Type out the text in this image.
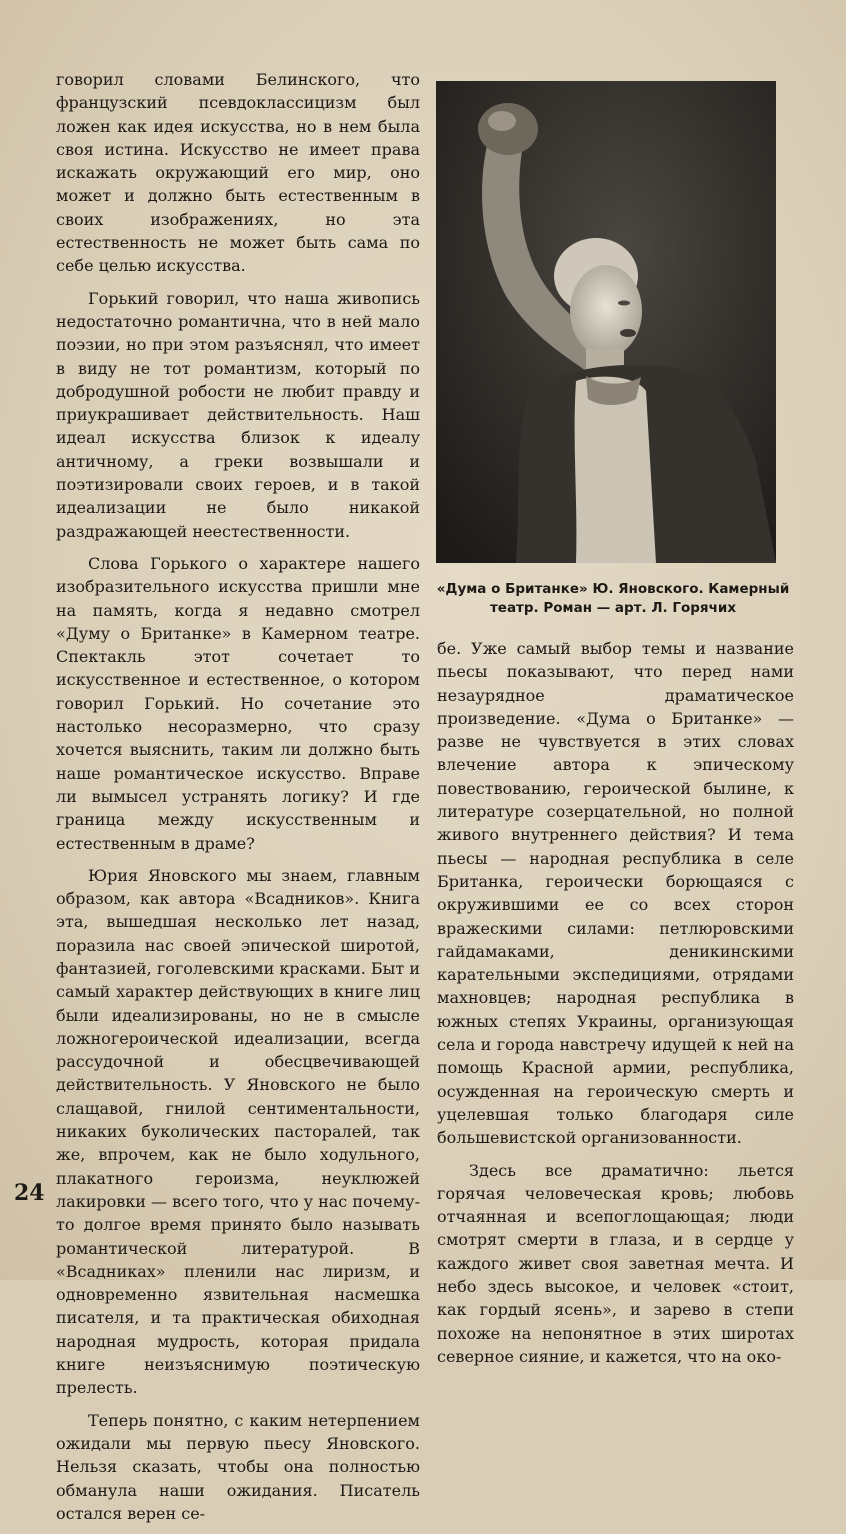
говорил словами Белинского, что французский псевдоклассицизм был ложен как идея искусства, но в нем была своя истина. Искусство не имеет права искажать окружающий его мир, оно может и должно быть естественным в своих изображениях, но эта естественность не может быть сама по себе целью искусства.

Горький говорил, что наша живопись недостаточно романтична, что в ней мало поэзии, но при этом разъяснял, что имеет в виду не тот романтизм, который по добродушной робости не любит правду и приукрашивает действительность. Наш идеал искусства близок к идеалу античному, а греки возвышали и поэтизировали своих героев, и в такой идеализации не было никакой раздражающей неестественности.

Слова Горького о характере нашего изобразительного искусства пришли мне на память, когда я недавно смотрел «Думу о Британке» в Камерном театре. Спектакль этот сочетает то искусственное и естественное, о котором говорил Горький. Но сочетание это настолько несоразмерно, что сразу хочется выяснить, таким ли должно быть наше романтическое искусство. Вправе ли вымысел устранять логику? И где граница между искусственным и естественным в драме?

Юрия Яновского мы знаем, главным образом, как автора «Всадников». Книга эта, вышедшая несколько лет назад, поразила нас своей эпической широтой, фантазией, гоголевскими красками. Быт и самый характер действующих в книге лиц были идеализированы, но не в смысле ложногероической идеализации, всегда рассудочной и обесцвечивающей действительность. У Яновского не было слащавой, гнилой сентиментальности, никаких буколических пасторалей, так же, впрочем, как не было ходульного, плакатного героизма, неуклюжей лакировки — всего того, что у нас почему-то долгое время принято было называть романтической литературой. В «Всадниках» пленили нас лиризм, и одновременно язвительная насмешка писателя, и та практическая обиходная народная мудрость, которая придала книге неизъяснимую поэтическую прелесть.

Теперь понятно, с каким нетерпением ожидали мы первую пьесу Яновского. Нельзя сказать, чтобы она полностью обманула наши ожидания. Писатель остался верен се-

«Дума о Британке» Ю. Яновского. Камерный
театр. Роман — арт. Л. Горячих

бе. Уже самый выбор темы и название пьесы показывают, что перед нами незаурядное драматическое произведение. «Дума о Британке» — разве не чувствуется в этих словах влечение автора к эпическому повествованию, героической былине, к литературе созерцательной, но полной живого внутреннего действия? И тема пьесы — народная республика в селе Британка, героически борющаяся с окружившими ее со всех сторон вражескими силами: петлюровскими гайдамаками, деникинскими карательными экспедициями, отрядами махновцев; народная республика в южных степях Украины, организующая села и города навстречу идущей к ней на помощь Красной армии, республика, осужденная на героическую смерть и уцелевшая только благодаря силе большевистской организованности.

Здесь все драматично: льется горячая человеческая кровь; любовь отчаянная и всепоглощающая; люди смотрят смерти в глаза, и в сердце у каждого живет своя заветная мечта. И небо здесь высокое, и человек «стоит, как гордый ясень», и зарево в степи похоже на непонятное в этих широтах северное сияние, и кажется, что на око-

24
